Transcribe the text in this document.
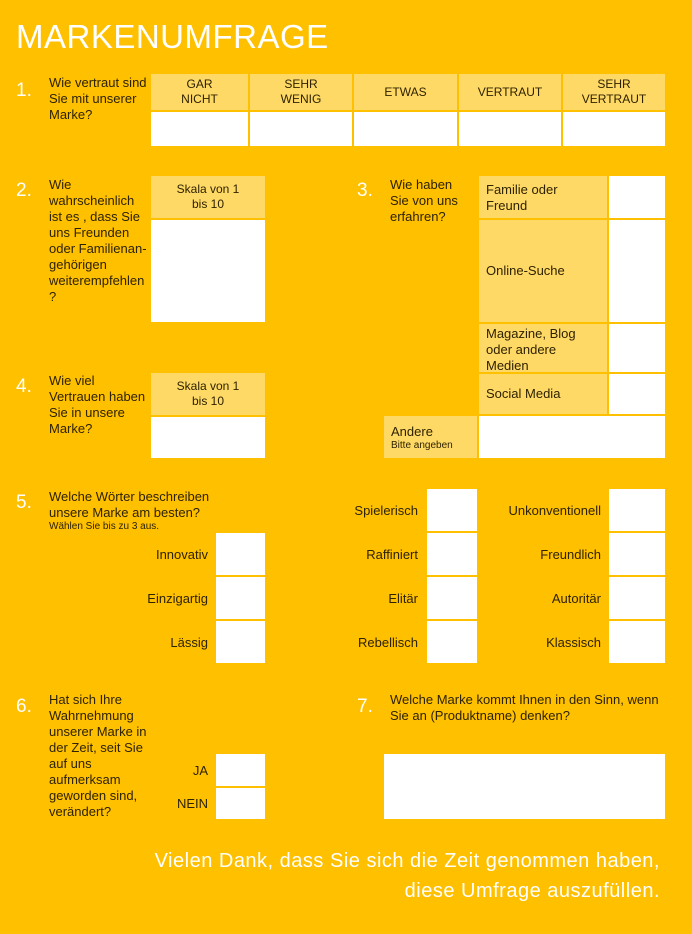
MARKENUMFRAGE
1. Wie vertraut sind Sie mit unserer Marke?
GAR NICHT
SEHR WENIG
ETWAS	VERTRAUT
SEHR VERTRAUT
2. Wie wahrscheinlich ist es , dass Sie uns Freunden oder Familienan-gehörigen weiterempfehlen?
Skala von 1 bis 10
3. Wie haben Sie von uns erfahren?
Familie oder Freund
Online-Suche
Magazine, Blog oder andere Medien
Social Media
Andere
Bitte angeben
4. Wie viel Vertrauen haben Sie in unsere Marke?
Skala von 1 bis 10
5. Welche Wörter beschreiben unsere Marke am besten?
Wählen Sie bis zu 3 aus.
Innovativ
Einzigartig
Lässig
Spielerisch
Raffiniert
Elitär
Rebellisch
Unkonventionell
Freundlich
Autoritär
Klassisch
6. Hat sich Ihre Wahrnehmung unserer Marke in der Zeit, seit Sie auf uns aufmerksam geworden sind, verändert?
JA
NEIN
7. Welche Marke kommt Ihnen in den Sinn, wenn Sie an (Produktname) denken?
Vielen Dank, dass Sie sich die Zeit genommen haben,
diese Umfrage auszufüllen.
